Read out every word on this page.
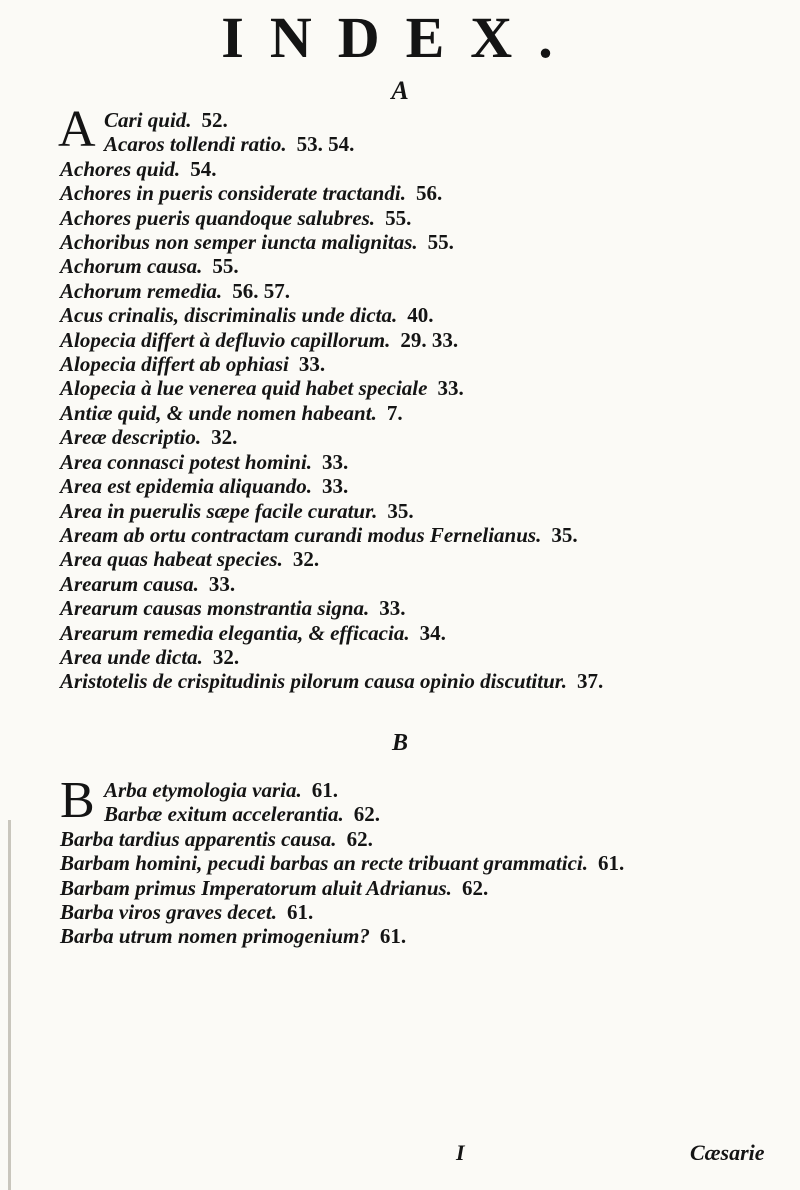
INDEX.
A
A Cari quid. 52.
Acaros tollendi ratio. 53. 54.
Achores quid. 54.
Achores in pueris considerate tractandi. 56.
Achores pueris quandoque salubres. 55.
Achoribus non semper iuncta malignitas. 55.
Achorum causa. 55.
Achorum remedia. 56. 57.
Acus crinalis, discriminalis unde dicta. 40.
Alopecia differt à defluvio capillorum. 29. 33.
Alopecia differt ab ophiasi 33.
Alopecia à lue venerea quid habet speciale 33.
Antiæ quid, & unde nomen habeant. 7.
Areæ descriptio. 32.
Area connasci potest homini. 33.
Area est epidemia aliquando. 33.
Area in puerulis sæpe facile curatur. 35.
Aream ab ortu contractam curandi modus Fernelianus. 35.
Area quas habeat species. 32.
Arearum causa. 33.
Arearum causas monstrantia signa. 33.
Arearum remedia elegantia, & efficacia. 34.
Area unde dicta. 32.
Aristotelis de crispitudinis pilorum causa opinio discutitur. 37.
B
B Arba etymologia varia. 61.
Barbæ exitum accelerantia. 62.
Barba tardius apparentis causa. 62.
Barbam homini, pecudi barbas an recte tribuant grammatici. 61.
Barbam primus Imperatorum aluit Adrianus. 62.
Barba viros graves decet. 61.
Barba utrum nomen primogenium? 61.
I	Cæsarie
